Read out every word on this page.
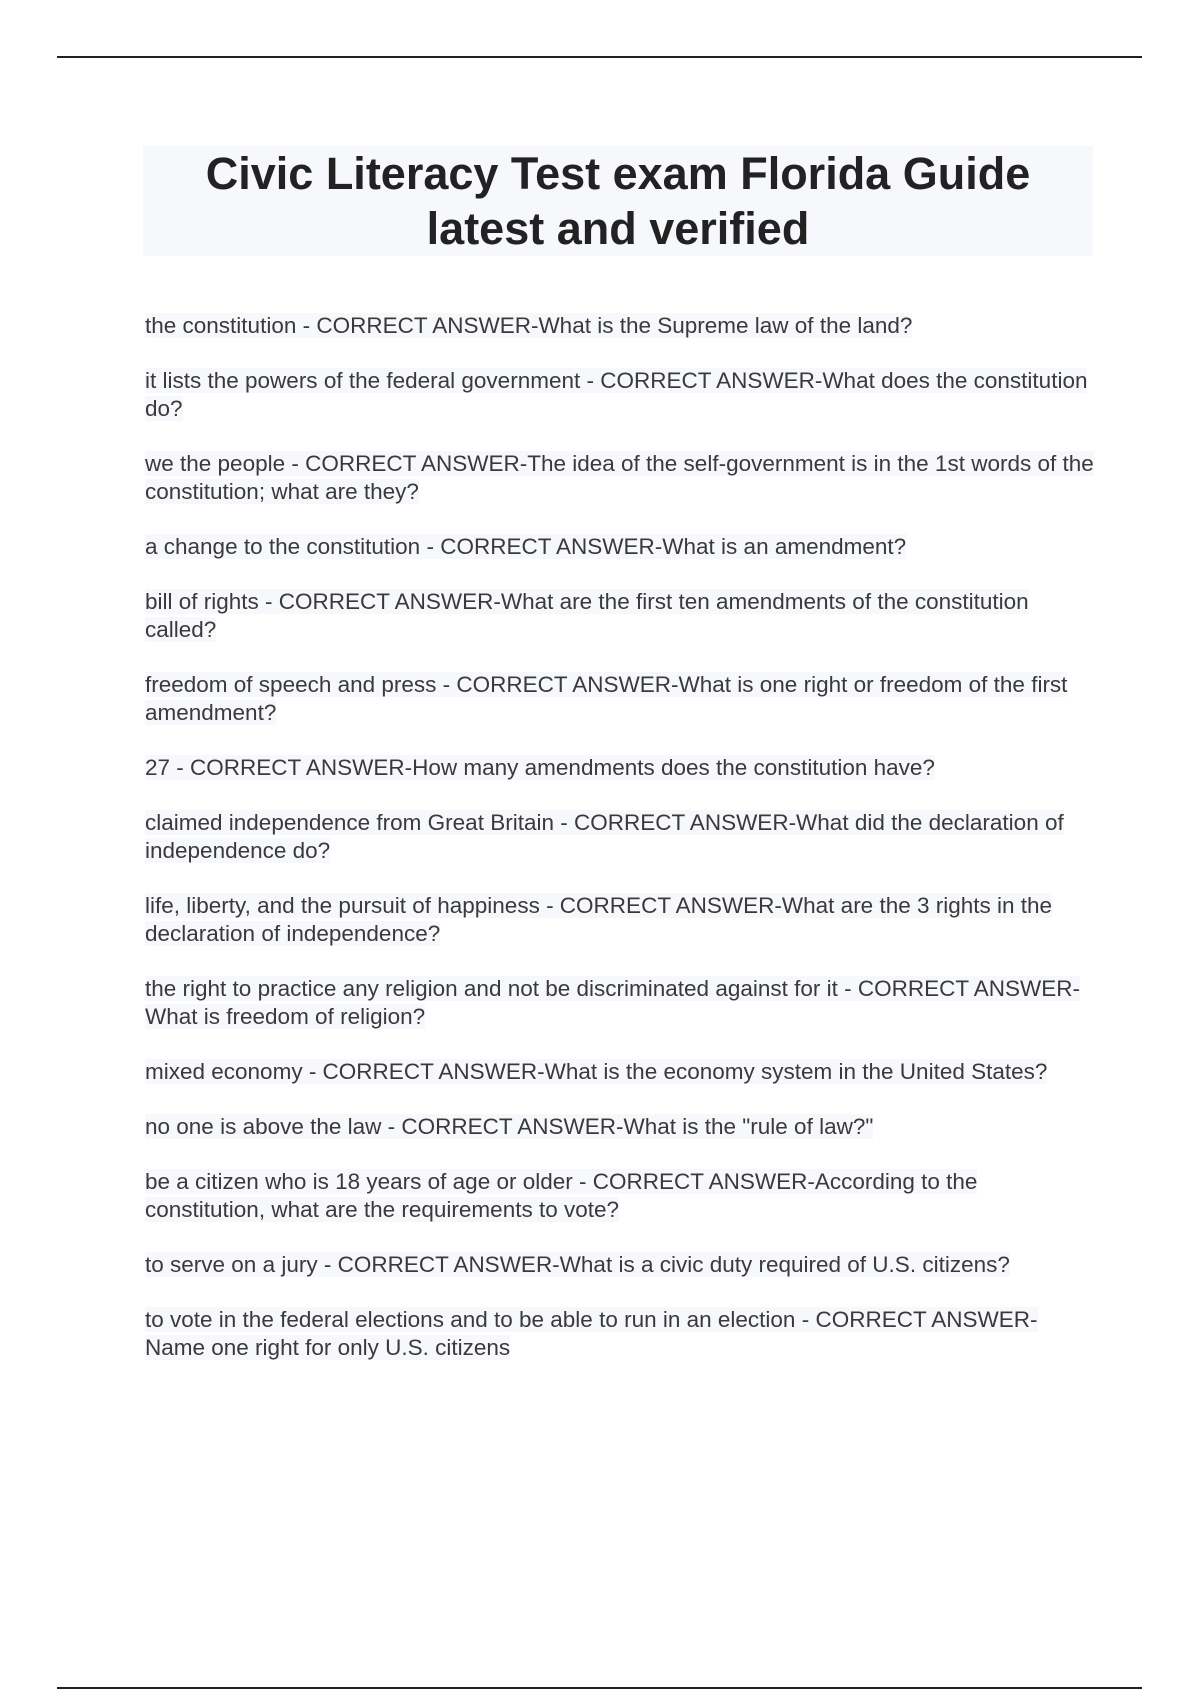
Civic Literacy Test exam Florida Guide latest and verified
the constitution - CORRECT ANSWER-What is the Supreme law of the land?
it lists the powers of the federal government - CORRECT ANSWER-What does the constitution do?
we the people - CORRECT ANSWER-The idea of the self-government is in the 1st words of the constitution; what are they?
a change to the constitution - CORRECT ANSWER-What is an amendment?
bill of rights - CORRECT ANSWER-What are the first ten amendments of the constitution called?
freedom of speech and press - CORRECT ANSWER-What is one right or freedom of the first amendment?
27 - CORRECT ANSWER-How many amendments does the constitution have?
claimed independence from Great Britain - CORRECT ANSWER-What did the declaration of independence do?
life, liberty, and the pursuit of happiness - CORRECT ANSWER-What are the 3 rights in the declaration of independence?
the right to practice any religion and not be discriminated against for it - CORRECT ANSWER-What is freedom of religion?
mixed economy - CORRECT ANSWER-What is the economy system in the United States?
no one is above the law - CORRECT ANSWER-What is the "rule of law?"
be a citizen who is 18 years of age or older - CORRECT ANSWER-According to the constitution, what are the requirements to vote?
to serve on a jury - CORRECT ANSWER-What is a civic duty required of U.S. citizens?
to vote in the federal elections and to be able to run in an election - CORRECT ANSWER-Name one right for only U.S. citizens
